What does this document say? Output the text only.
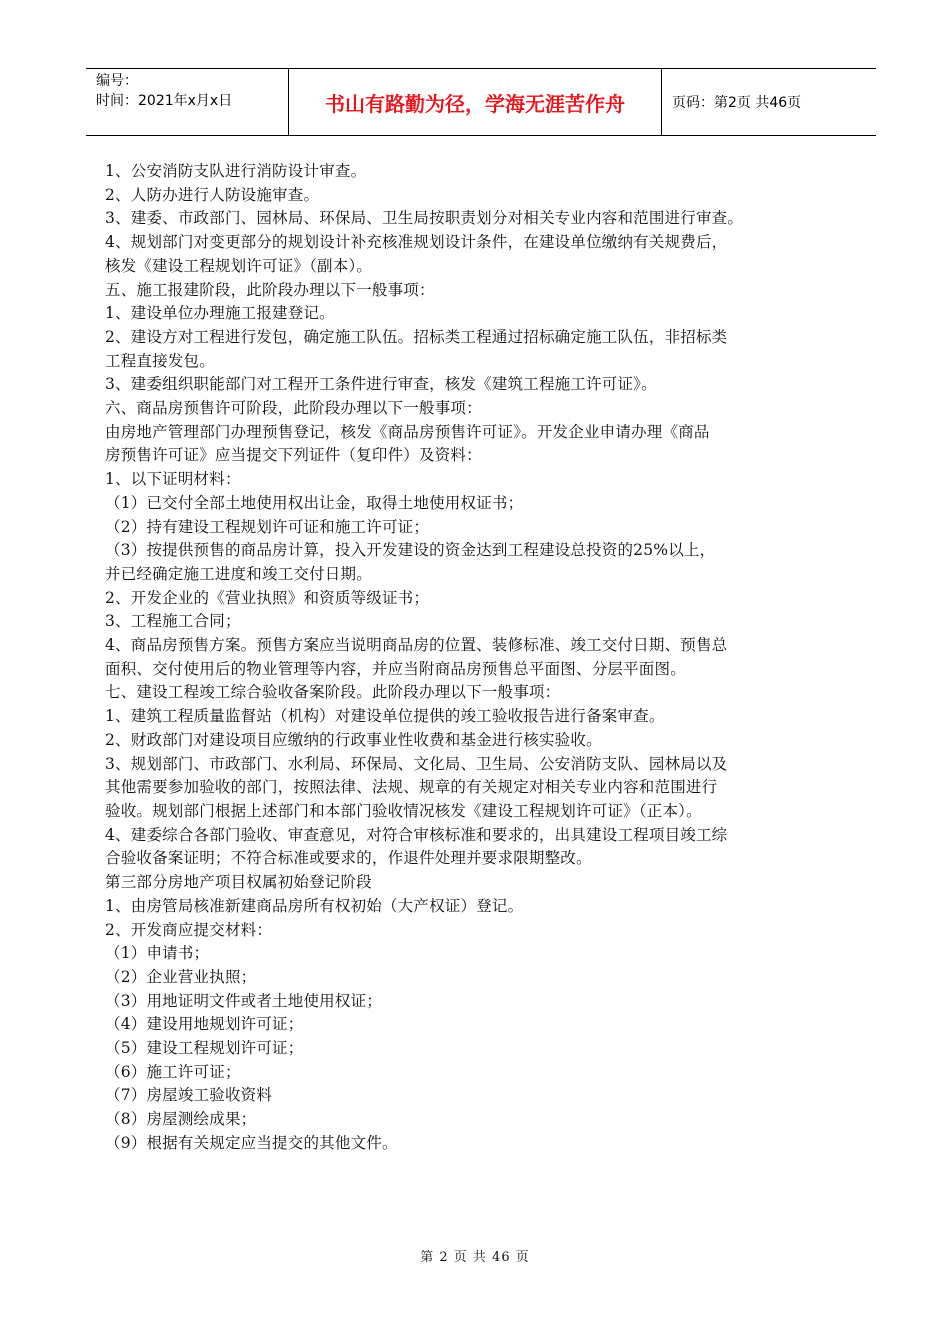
编号：
时间：2021年x月x日	书山有路勤为径，学海无涯苦作舟	页码：第2页 共46页

1、公安消防支队进行消防设计审查。

2、人防办进行人防设施审查。

3、建委、市政部门、园林局、环保局、卫生局按职责划分对相关专业内容和范围进行审查。

4、规划部门对变更部分的规划设计补充核准规划设计条件，在建设单位缴纳有关规费后，

核发《建设工程规划许可证》（副本）。

五、施工报建阶段，此阶段办理以下一般事项：

1、建设单位办理施工报建登记。

2、建设方对工程进行发包，确定施工队伍。招标类工程通过招标确定施工队伍，非招标类

工程直接发包。

3、建委组织职能部门对工程开工条件进行审查，核发《建筑工程施工许可证》。

六、商品房预售许可阶段，此阶段办理以下一般事项：

由房地产管理部门办理预售登记，核发《商品房预售许可证》。开发企业申请办理《商品

房预售许可证》应当提交下列证件（复印件）及资料：

1、以下证明材料：

（1）已交付全部土地使用权出让金，取得土地使用权证书；

（2）持有建设工程规划许可证和施工许可证；

（3）按提供预售的商品房计算，投入开发建设的资金达到工程建设总投资的25%以上，

并已经确定施工进度和竣工交付日期。

2、开发企业的《营业执照》和资质等级证书；

3、工程施工合同；

4、商品房预售方案。预售方案应当说明商品房的位置、装修标准、竣工交付日期、预售总

面积、交付使用后的物业管理等内容，并应当附商品房预售总平面图、分层平面图。

七、建设工程竣工综合验收备案阶段。此阶段办理以下一般事项：

1、建筑工程质量监督站（机构）对建设单位提供的竣工验收报告进行备案审查。

2、财政部门对建设项目应缴纳的行政事业性收费和基金进行核实验收。

3、规划部门、市政部门、水利局、环保局、文化局、卫生局、公安消防支队、园林局以及

其他需要参加验收的部门，按照法律、法规、规章的有关规定对相关专业内容和范围进行

验收。规划部门根据上述部门和本部门验收情况核发《建设工程规划许可证》（正本）。

4、建委综合各部门验收、审查意见，对符合审核标准和要求的，出具建设工程项目竣工综

合验收备案证明；不符合标准或要求的，作退件处理并要求限期整改。

第三部分房地产项目权属初始登记阶段

1、由房管局核准新建商品房所有权初始（大产权证）登记。

2、开发商应提交材料：

（1）申请书；

（2）企业营业执照；

（3）用地证明文件或者土地使用权证；

（4）建设用地规划许可证；

（5）建设工程规划许可证；

（6）施工许可证；

（7）房屋竣工验收资料

（8）房屋测绘成果；

（9）根据有关规定应当提交的其他文件。

第 2 页 共 46 页
